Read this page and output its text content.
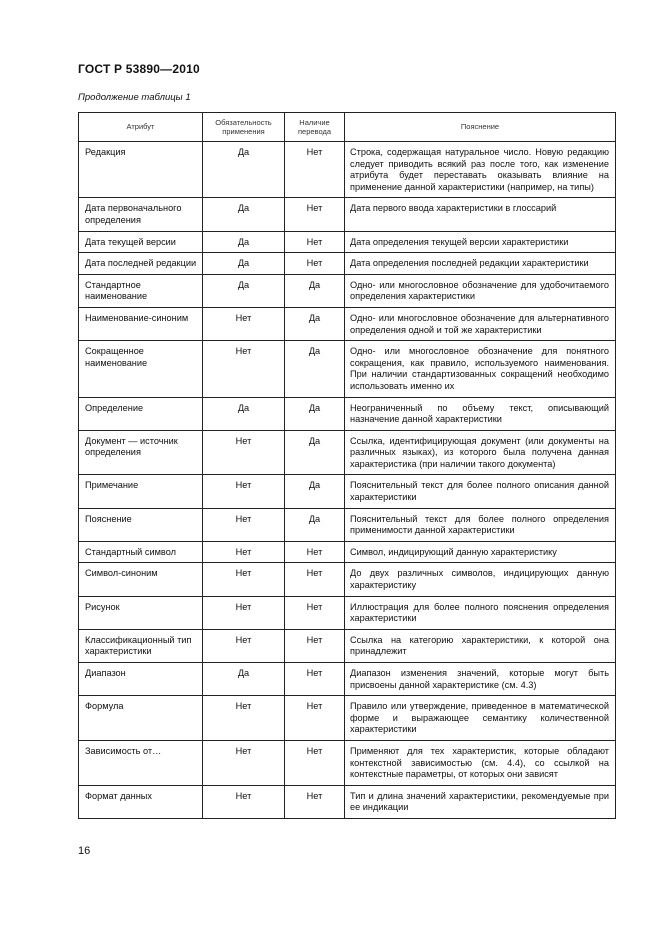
ГОСТ Р 53890—2010
Продолжение таблицы 1
Атрибут	Обязательность применения	Наличие перевода	Пояснение
Редакция	Да	Нет	Строка, содержащая натуральное число. Новую редакцию следует приводить всякий раз после того, как изменение атрибута будет переставать оказывать влияние на применение данной характеристики (например, на типы)
Дата первоначального определения	Да	Нет	Дата первого ввода характеристики в глоссарий
Дата текущей версии	Да	Нет	Дата определения текущей версии характеристики
Дата последней редакции	Да	Нет	Дата определения последней редакции характеристики
Стандартное наименование	Да	Да	Одно- или многословное обозначение для удобочитаемого определения характеристики
Наименование-синоним	Нет	Да	Одно- или многословное обозначение для альтернативного определения одной и той же характеристики
Сокращенное наименование	Нет	Да	Одно- или многословное обозначение для понятного сокращения, как правило, используемого наименования. При наличии стандартизованных сокращений необходимо использовать именно их
Определение	Да	Да	Неограниченный по объему текст, описывающий назначение данной характеристики
Документ — источник определения	Нет	Да	Ссылка, идентифицирующая документ (или документы на различных языках), из которого была получена данная характеристика (при наличии такого документа)
Примечание	Нет	Да	Пояснительный текст для более полного описания данной характеристики
Пояснение	Нет	Да	Пояснительный текст для более полного определения применимости данной характеристики
Стандартный символ	Нет	Нет	Символ, индицирующий данную характеристику
Символ-синоним	Нет	Нет	До двух различных символов, индицирующих данную характеристику
Рисунок	Нет	Нет	Иллюстрация для более полного пояснения определения характеристики
Классификационный тип характеристики	Нет	Нет	Ссылка на категорию характеристики, к которой она принадлежит
Диапазон	Да	Нет	Диапазон изменения значений, которые могут быть присвоены данной характеристике (см. 4.3)
Формула	Нет	Нет	Правило или утверждение, приведенное в математической форме и выражающее семантику количественной характеристики
Зависимость от…	Нет	Нет	Применяют для тех характеристик, которые обладают контекстной зависимостью (см. 4.4), со ссылкой на контекстные параметры, от которых они зависят
Формат данных	Нет	Нет	Тип и длина значений характеристики, рекомендуемые при ее индикации
16
